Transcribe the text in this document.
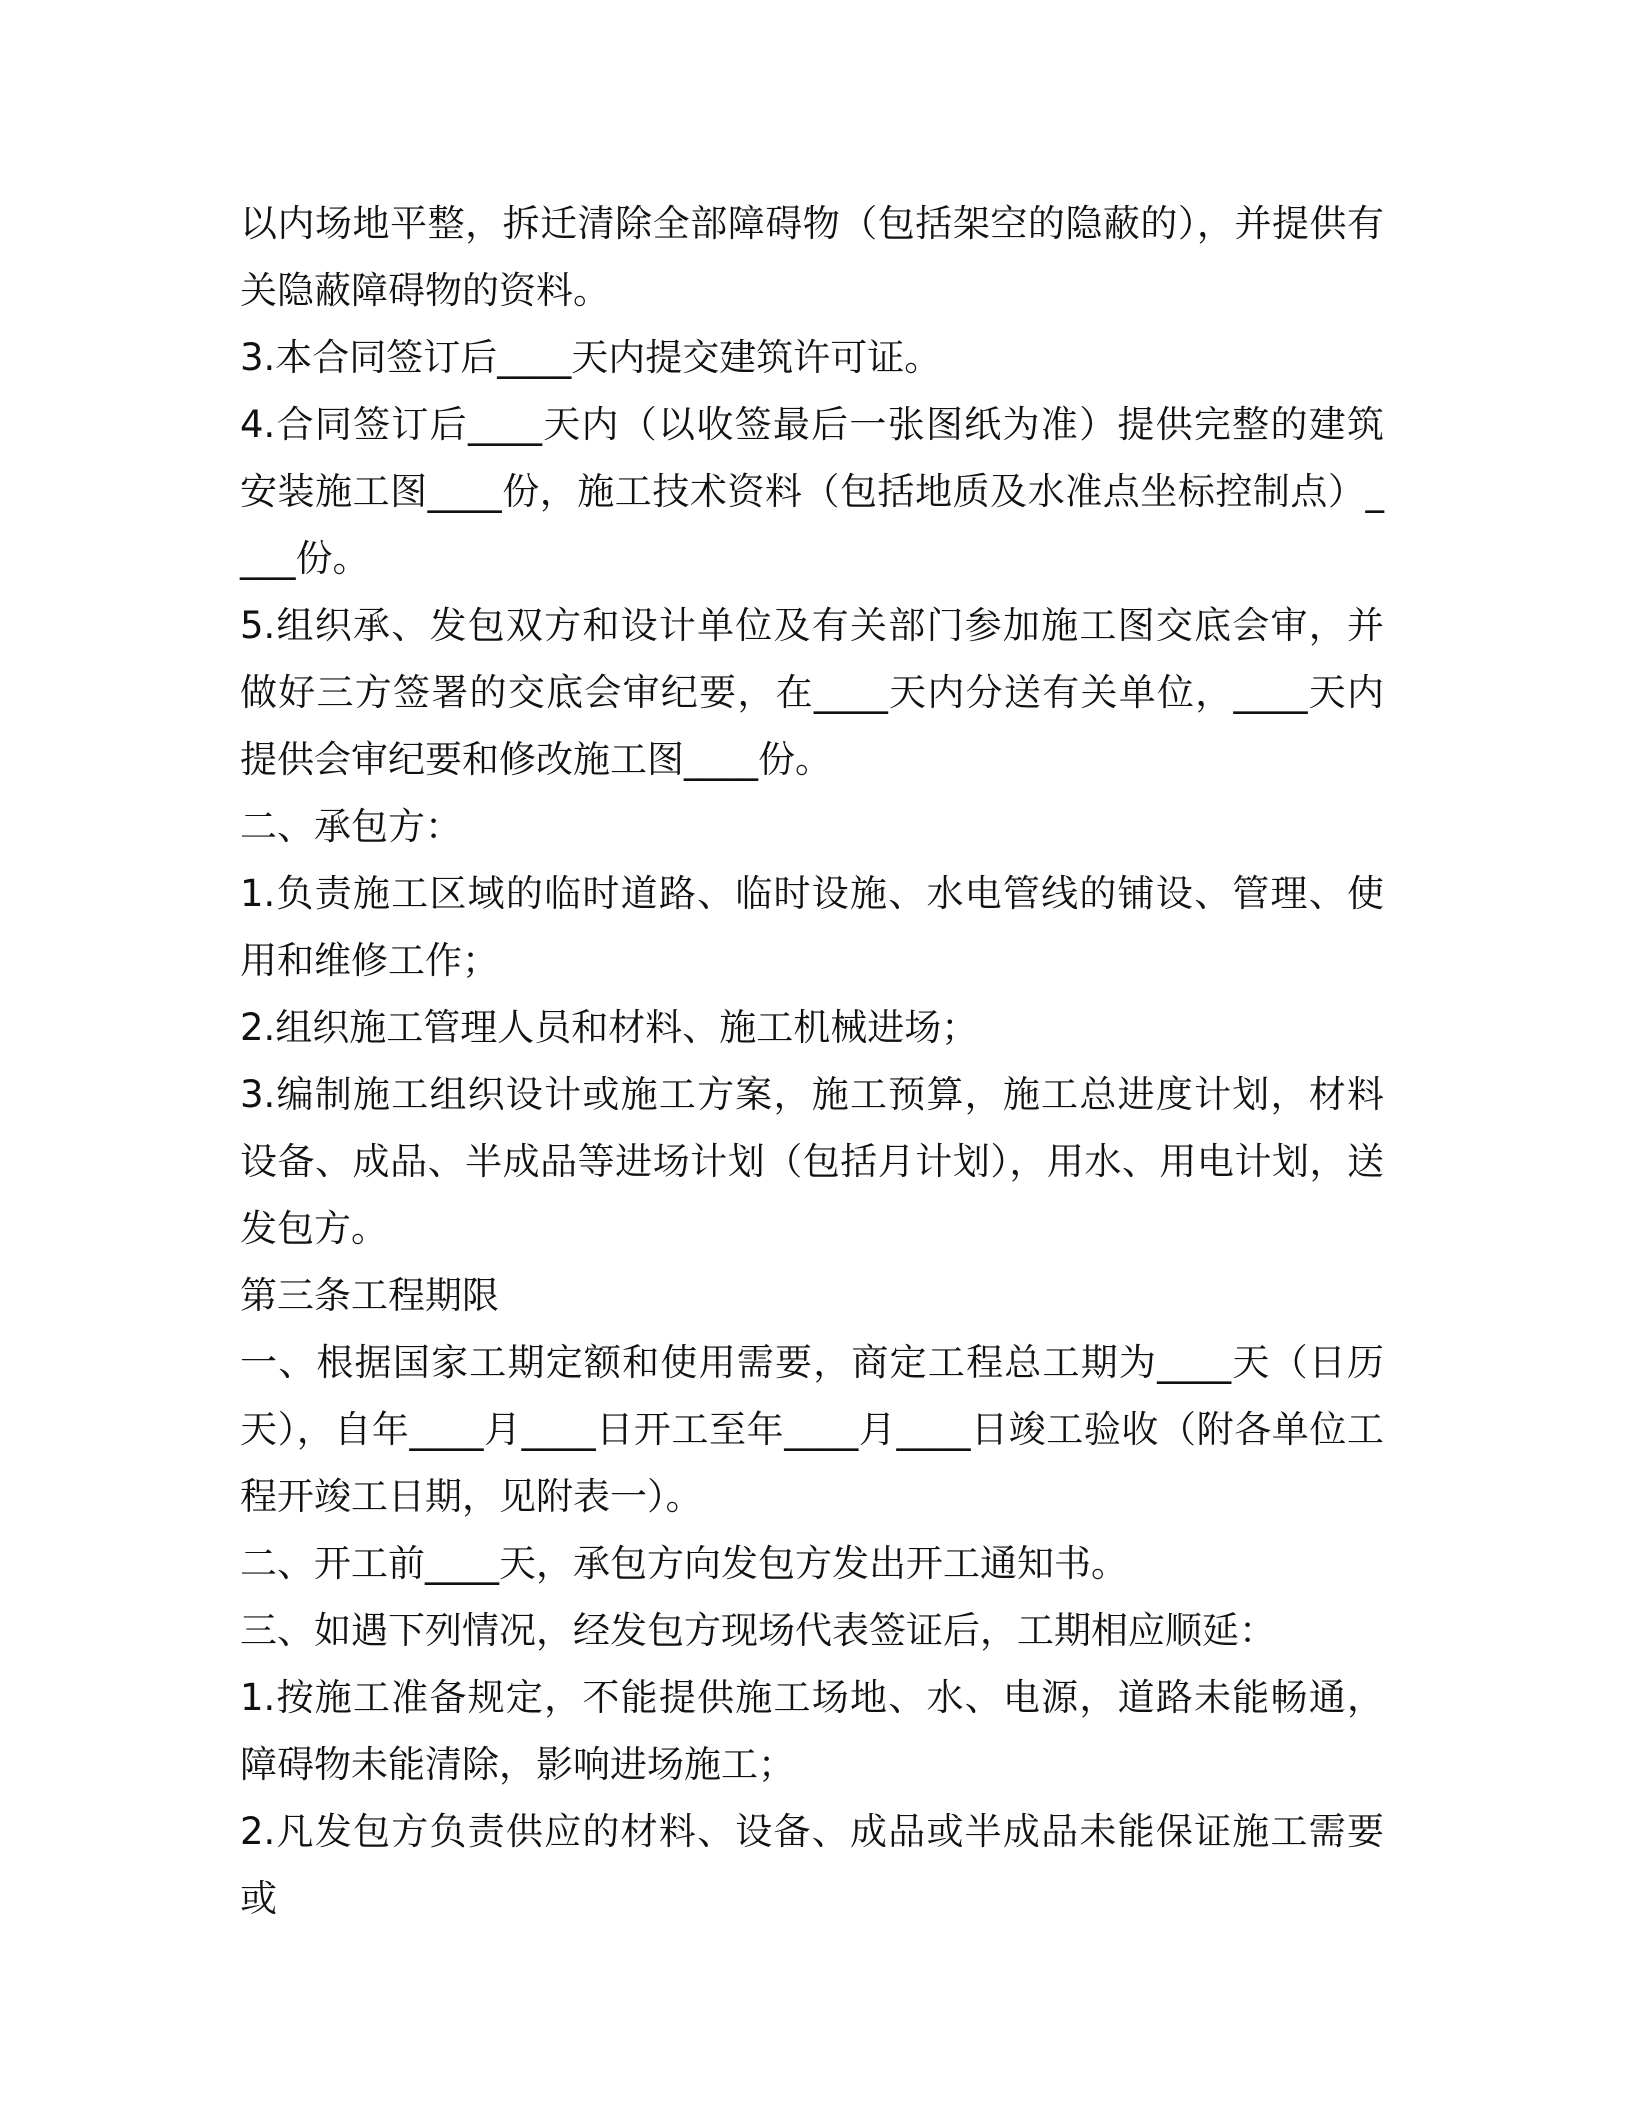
以内场地平整，拆迁清除全部障碍物（包括架空的隐蔽的），并提供有关隐蔽障碍物的资料。

3.本合同签订后____天内提交建筑许可证。

4.合同签订后____天内（以收签最后一张图纸为准）提供完整的建筑安装施工图____份，施工技术资料（包括地质及水准点坐标控制点）____份。

5.组织承、发包双方和设计单位及有关部门参加施工图交底会审，并做好三方签署的交底会审纪要，在____天内分送有关单位，____天内提供会审纪要和修改施工图____份。

二、承包方：

1.负责施工区域的临时道路、临时设施、水电管线的铺设、管理、使用和维修工作；

2.组织施工管理人员和材料、施工机械进场；

3.编制施工组织设计或施工方案，施工预算，施工总进度计划，材料设备、成品、半成品等进场计划（包括月计划），用水、用电计划，送发包方。

第三条工程期限

一、根据国家工期定额和使用需要，商定工程总工期为____天（日历天），自年____月____日开工至年____月____日竣工验收（附各单位工程开竣工日期，见附表一）。

二、开工前____天，承包方向发包方发出开工通知书。

三、如遇下列情况，经发包方现场代表签证后，工期相应顺延：

1.按施工准备规定，不能提供施工场地、水、电源，道路未能畅通，障碍物未能清除，影响进场施工；

2.凡发包方负责供应的材料、设备、成品或半成品未能保证施工需要或
